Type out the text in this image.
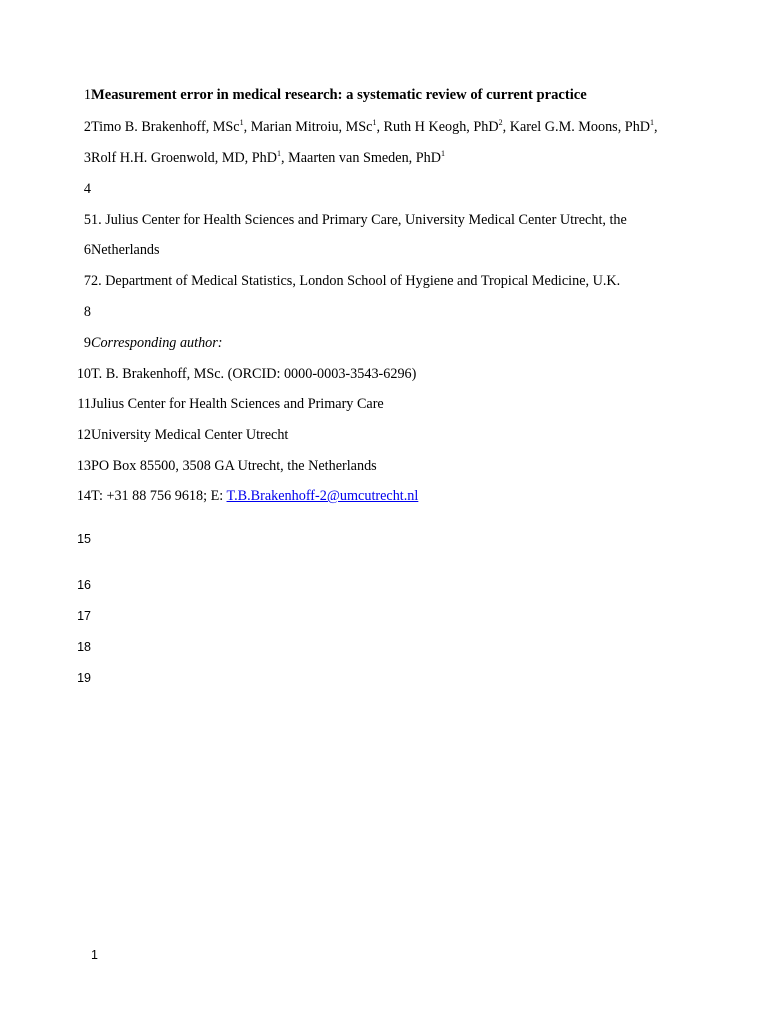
1Measurement error in medical research: a systematic review of current practice
2Timo B. Brakenhoff, MSc$^1$, Marian Mitroiu, MSc$^1$, Ruth H Keogh, PhD$^2$, Karel G.M. Moons, PhD$^1$,
3Rolf H.H. Groenwold, MD, PhD$^1$, Maarten van Smeden, PhD$^1$
4
51. Julius Center for Health Sciences and Primary Care, University Medical Center Utrecht, the
6Netherlands
72. Department of Medical Statistics, London School of Hygiene and Tropical Medicine, U.K.
8
9Corresponding author:
10T. B. Brakenhoff, MSc. (ORCID: 0000-0003-3543-6296)
11Julius Center for Health Sciences and Primary Care
12University Medical Center Utrecht
13PO Box 85500, 3508 GA Utrecht, the Netherlands
14T: +31 88 756 9618; E: T.B.Brakenhoff-2@umcutrecht.nl
15
16
17
18
19
1
